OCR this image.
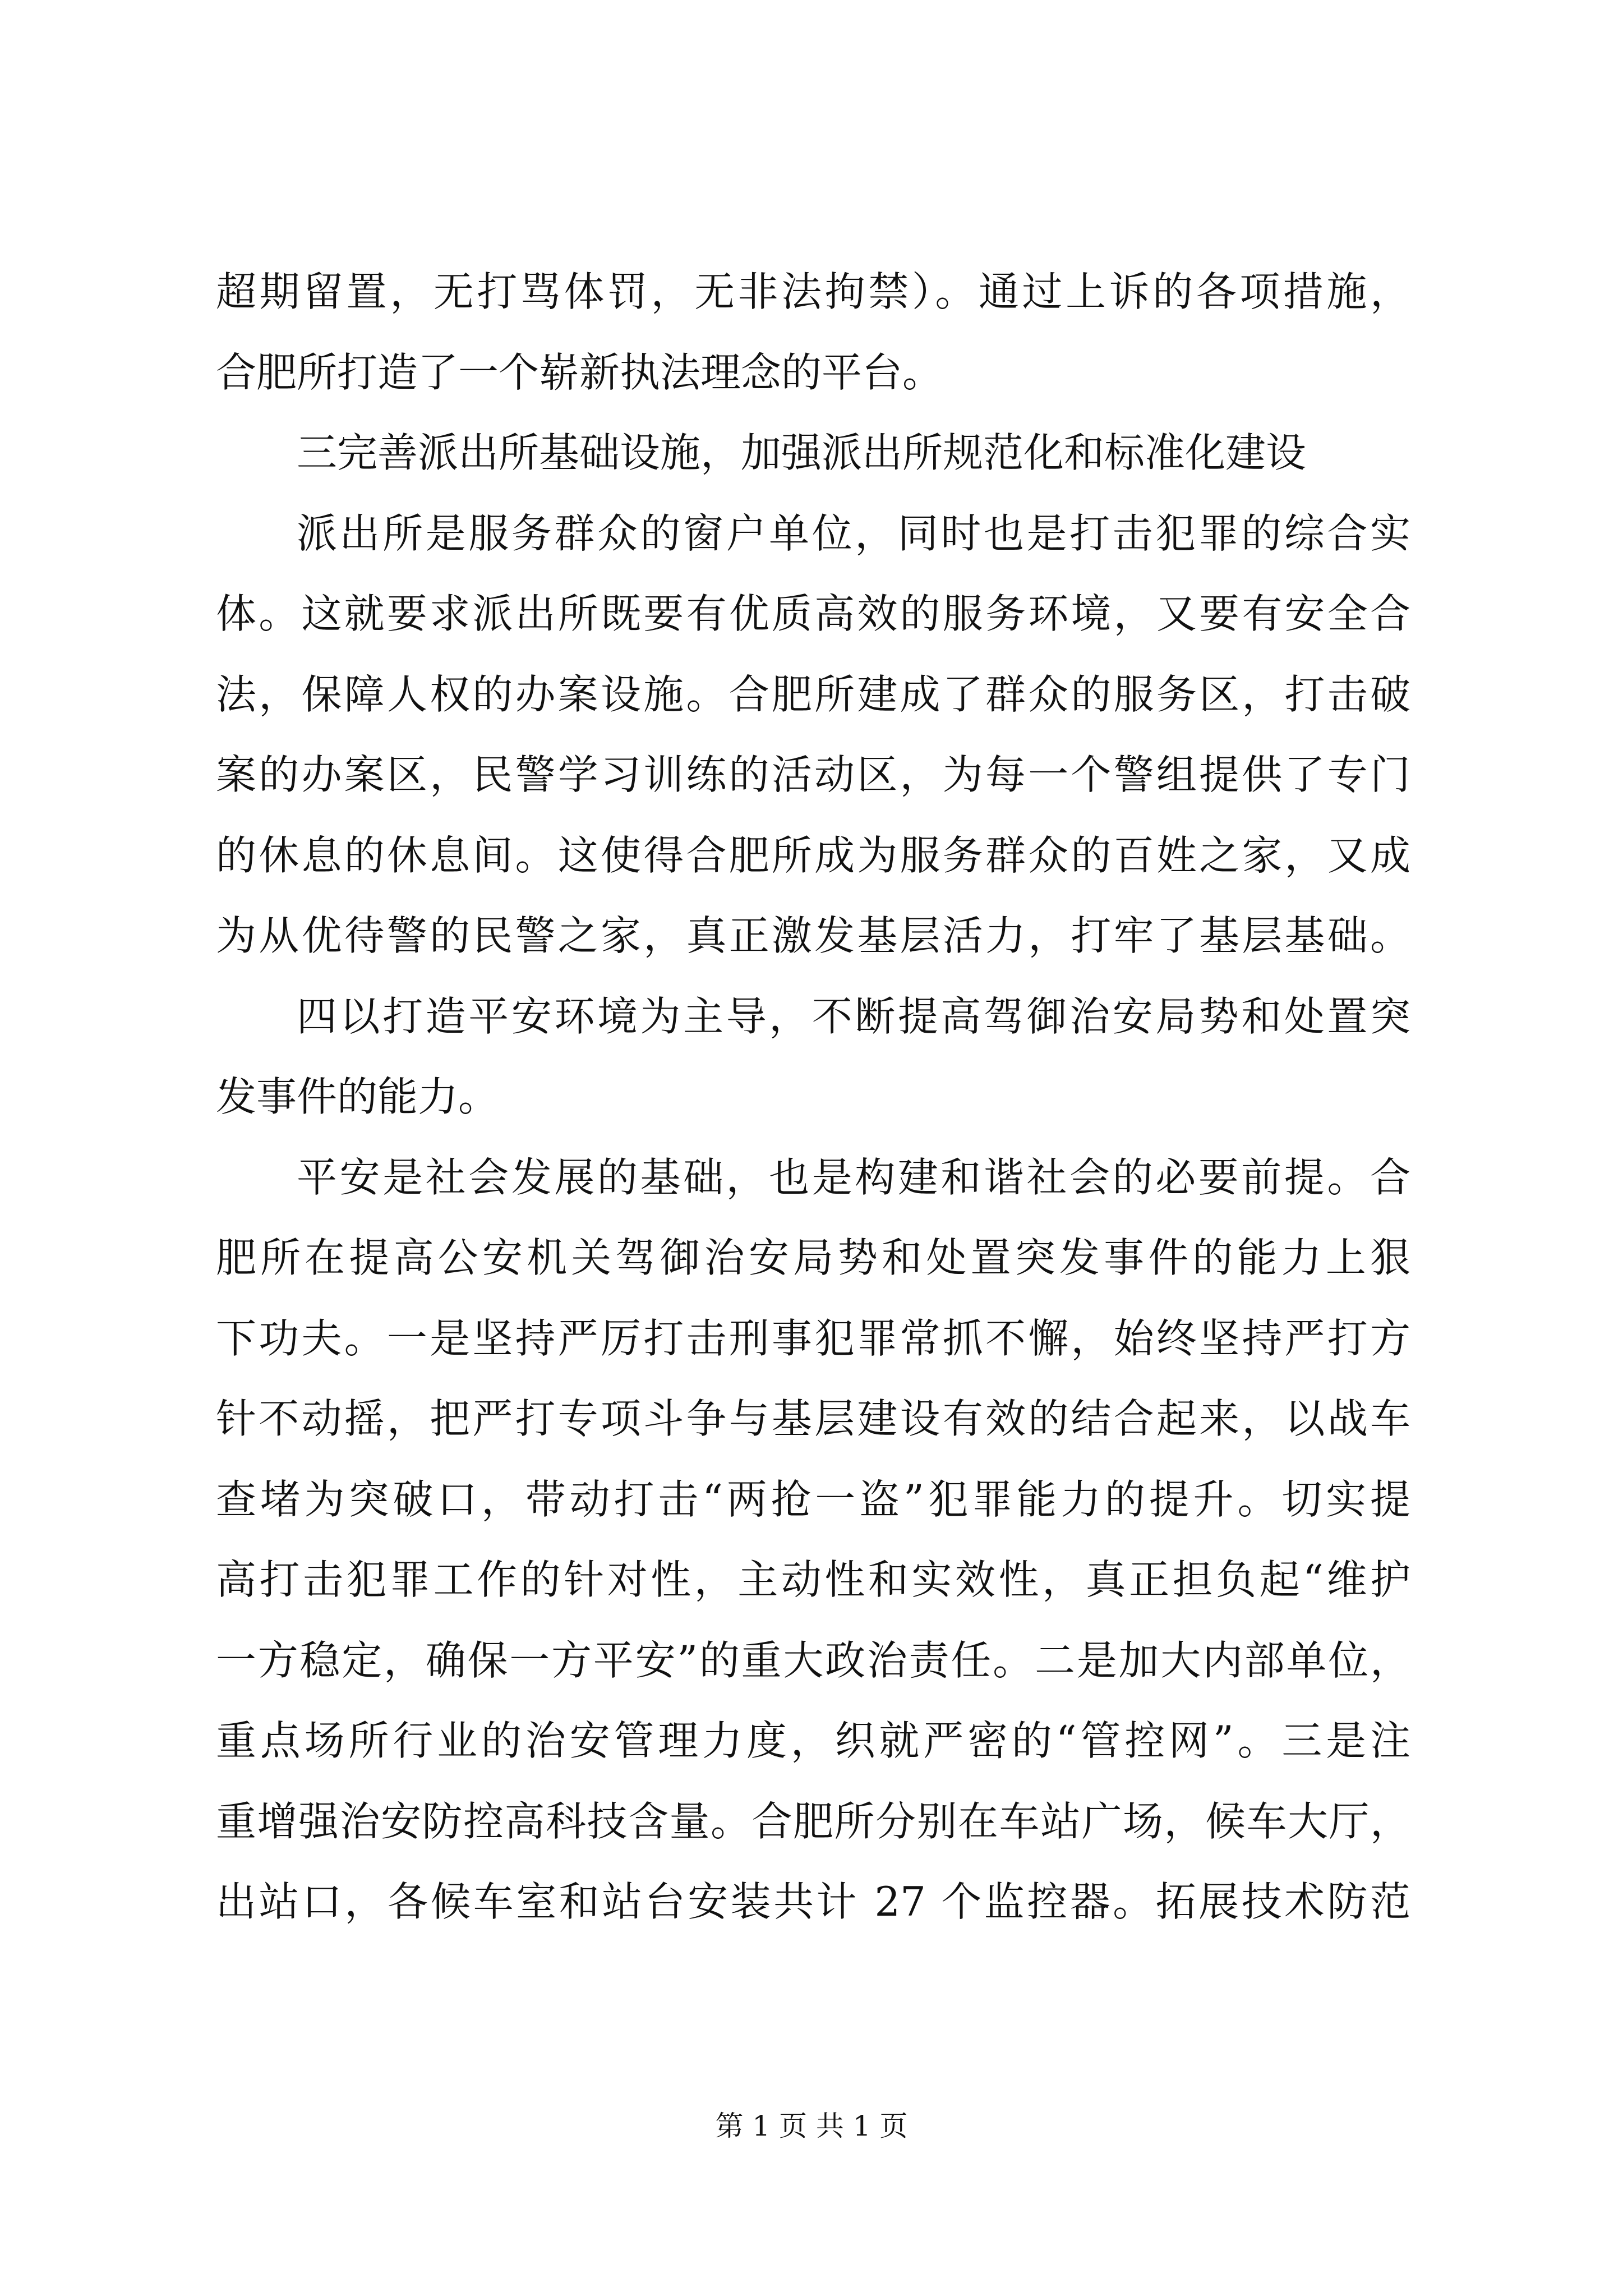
超期留置，无打骂体罚，无非法拘禁）。通过上诉的各项措施，
合肥所打造了一个崭新执法理念的平台。
三完善派出所基础设施，加强派出所规范化和标准化建设
派出所是服务群众的窗户单位，同时也是打击犯罪的综合实
体。这就要求派出所既要有优质高效的服务环境，又要有安全合
法，保障人权的办案设施。合肥所建成了群众的服务区，打击破
案的办案区，民警学习训练的活动区，为每一个警组提供了专门
的休息的休息间。这使得合肥所成为服务群众的百姓之家，又成
为从优待警的民警之家，真正激发基层活力，打牢了基层基础。
四以打造平安环境为主导，不断提高驾御治安局势和处置突
发事件的能力。
平安是社会发展的基础，也是构建和谐社会的必要前提。合
肥所在提高公安机关驾御治安局势和处置突发事件的能力上狠
下功夫。一是坚持严厉打击刑事犯罪常抓不懈，始终坚持严打方
针不动摇，把严打专项斗争与基层建设有效的结合起来，以战车
查堵为突破口，带动打击“两抢一盗”犯罪能力的提升。切实提
高打击犯罪工作的针对性，主动性和实效性，真正担负起“维护
一方稳定，确保一方平安”的重大政治责任。二是加大内部单位，
重点场所行业的治安管理力度，织就严密的“管控网”。三是注
重增强治安防控高科技含量。合肥所分别在车站广场，候车大厅，
出站口，各候车室和站台安装共计 27 个监控器。拓展技术防范
第 1 页 共 1 页
